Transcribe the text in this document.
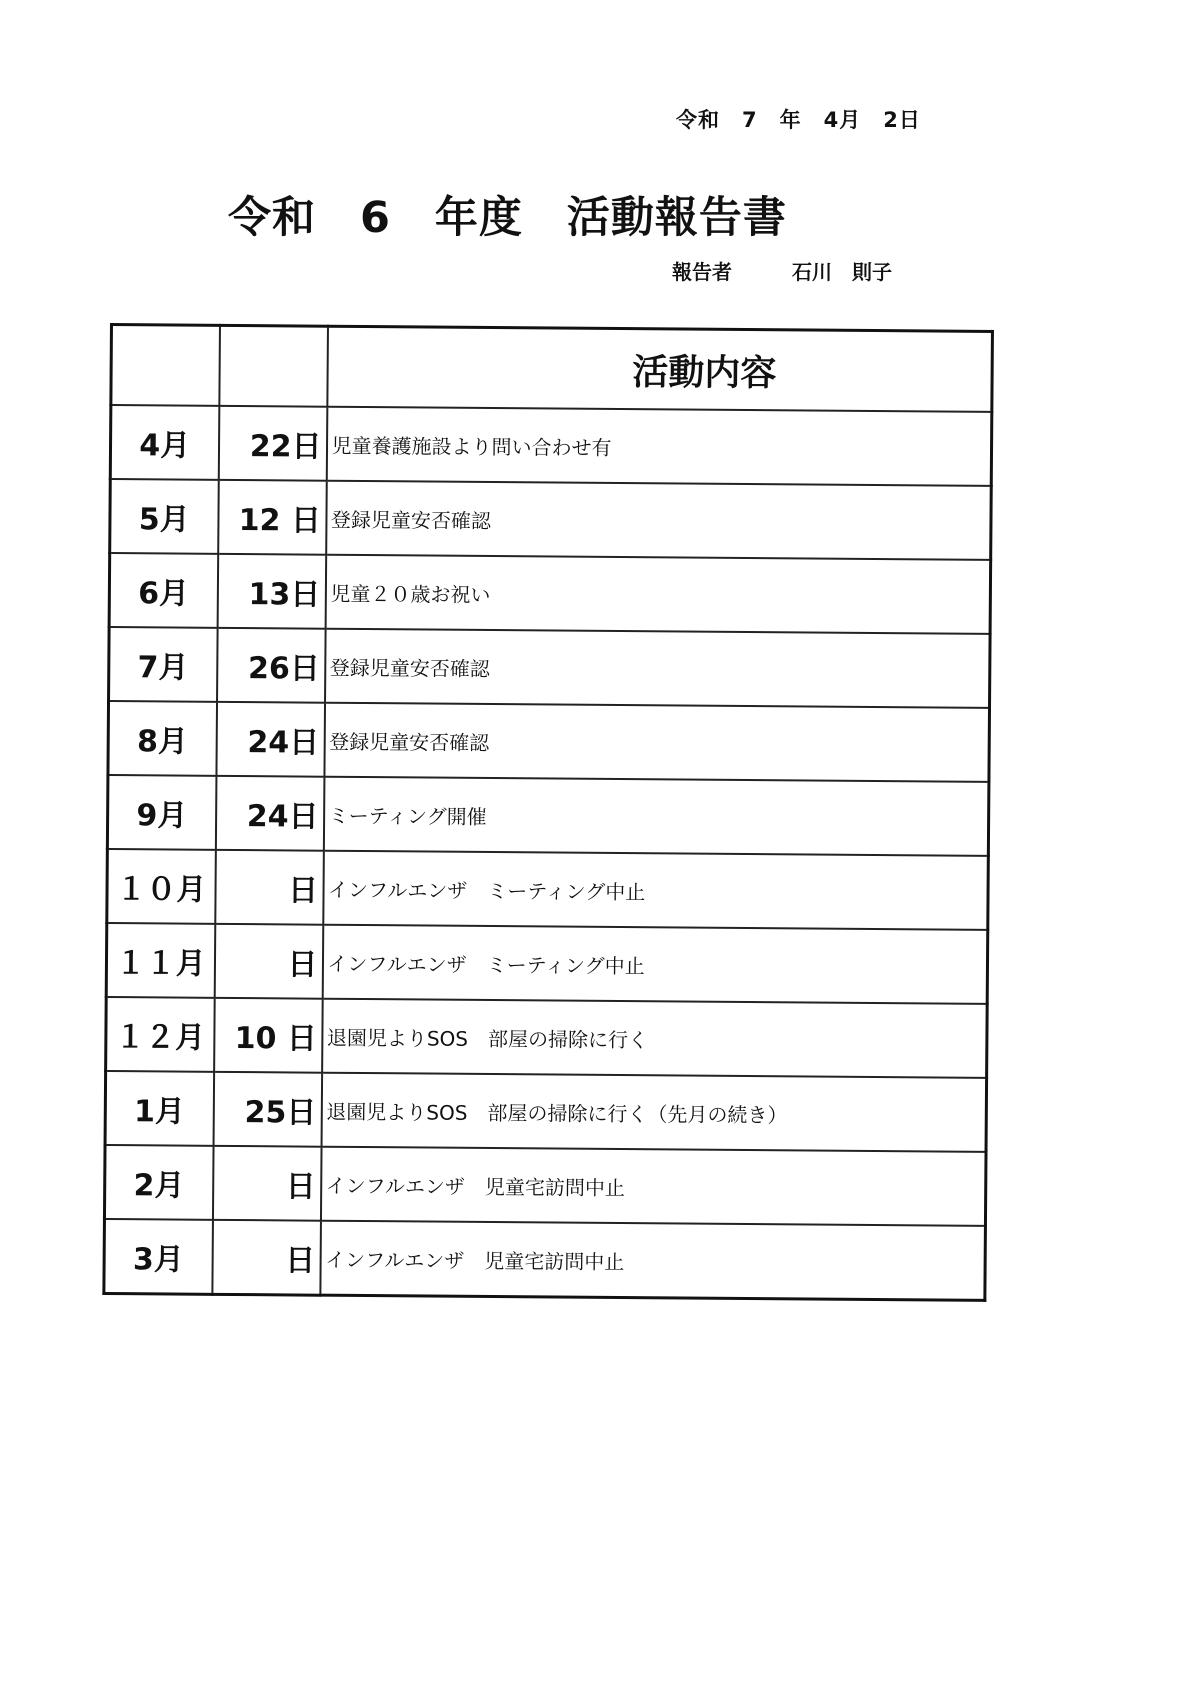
令和　7　年　4月　2日
令和　6　年度　活動報告書
報告者　　　石川　則子
		活動内容
4月	22日	児童養護施設より問い合わせ有
5月	12 日	登録児童安否確認
6月	13日	児童２０歳お祝い
7月	26日	登録児童安否確認
8月	24日	登録児童安否確認
9月	24日	ミーティング開催
１０月	日	インフルエンザ　ミーティング中止
１１月	日	インフルエンザ　ミーティング中止
１２月	10 日	退園児よりSOS　部屋の掃除に行く
1月	25日	退園児よりSOS　部屋の掃除に行く（先月の続き）
2月	日	インフルエンザ　児童宅訪問中止
3月	日	インフルエンザ　児童宅訪問中止
